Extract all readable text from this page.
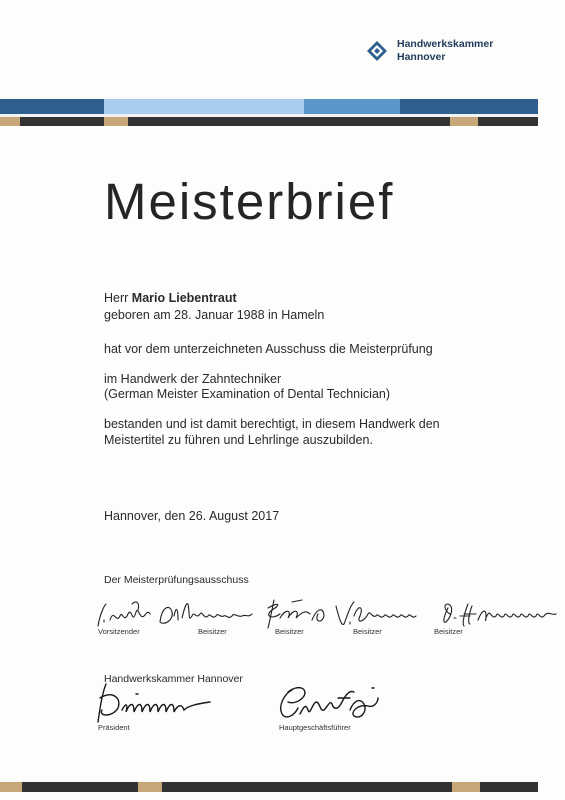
Handwerkskammer
Hannover
Meisterbrief
Herr Mario Liebentraut
geboren am 28. Januar 1988 in Hameln
hat vor dem unterzeichneten Ausschuss die Meisterprüfung
im Handwerk der Zahntechniker
(German Meister Examination of Dental Technician)
bestanden und ist damit berechtigt, in diesem Handwerk den
Meistertitel zu führen und Lehrlinge auszubilden.
Hannover, den 26. August 2017
Der Meisterprüfungsausschuss
Vorsitzender	Beisitzer	Beisitzer	Beisitzer	Beisitzer
Handwerkskammer Hannover
Präsident	Hauptgeschäftsführer
